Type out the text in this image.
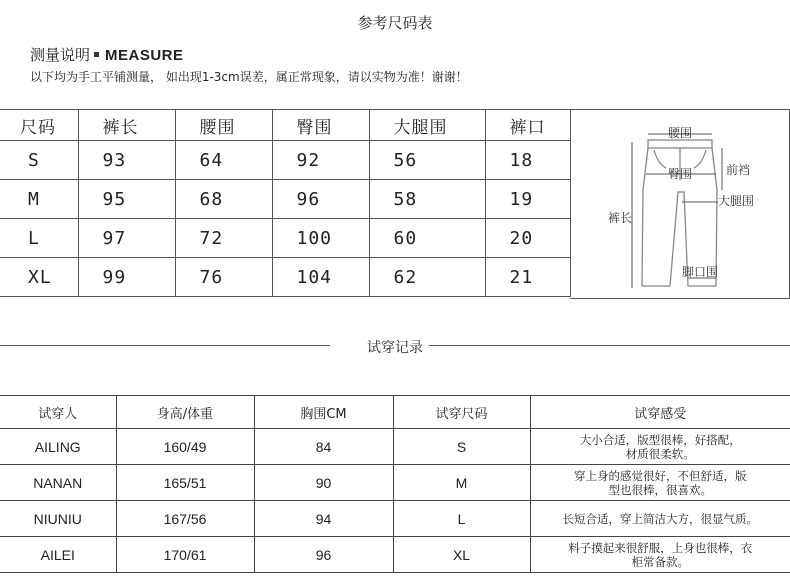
参考尺码表
测量说明 MEASURE
以下均为手工平铺测量， 如出现1-3cm误差，属正常现象，请以实物为准！谢谢！
尺码	裤长	腰围	臀围	大腿围	裤口
S	93	64	92	56	18
M	95	68	96	58	19
L	97	72	100	60	20
XL	99	76	104	62	21
腰围
臀围	前裆
大腿围
裤长
脚口围
试穿记录
试穿人	身高/体重	胸围CM	试穿尺码	试穿感受
AILING	160/49	84	S	大小合适，版型很棒，好搭配，
材质很柔软。
NANAN	165/51	90	M	穿上身的感觉很好，不但舒适，版
型也很棒，很喜欢。
NIUNIU	167/56	94	L	长短合适，穿上简洁大方，很显气质。
AILEI	170/61	96	XL	料子摸起来很舒服，上身也很棒，衣
柜常备款。
